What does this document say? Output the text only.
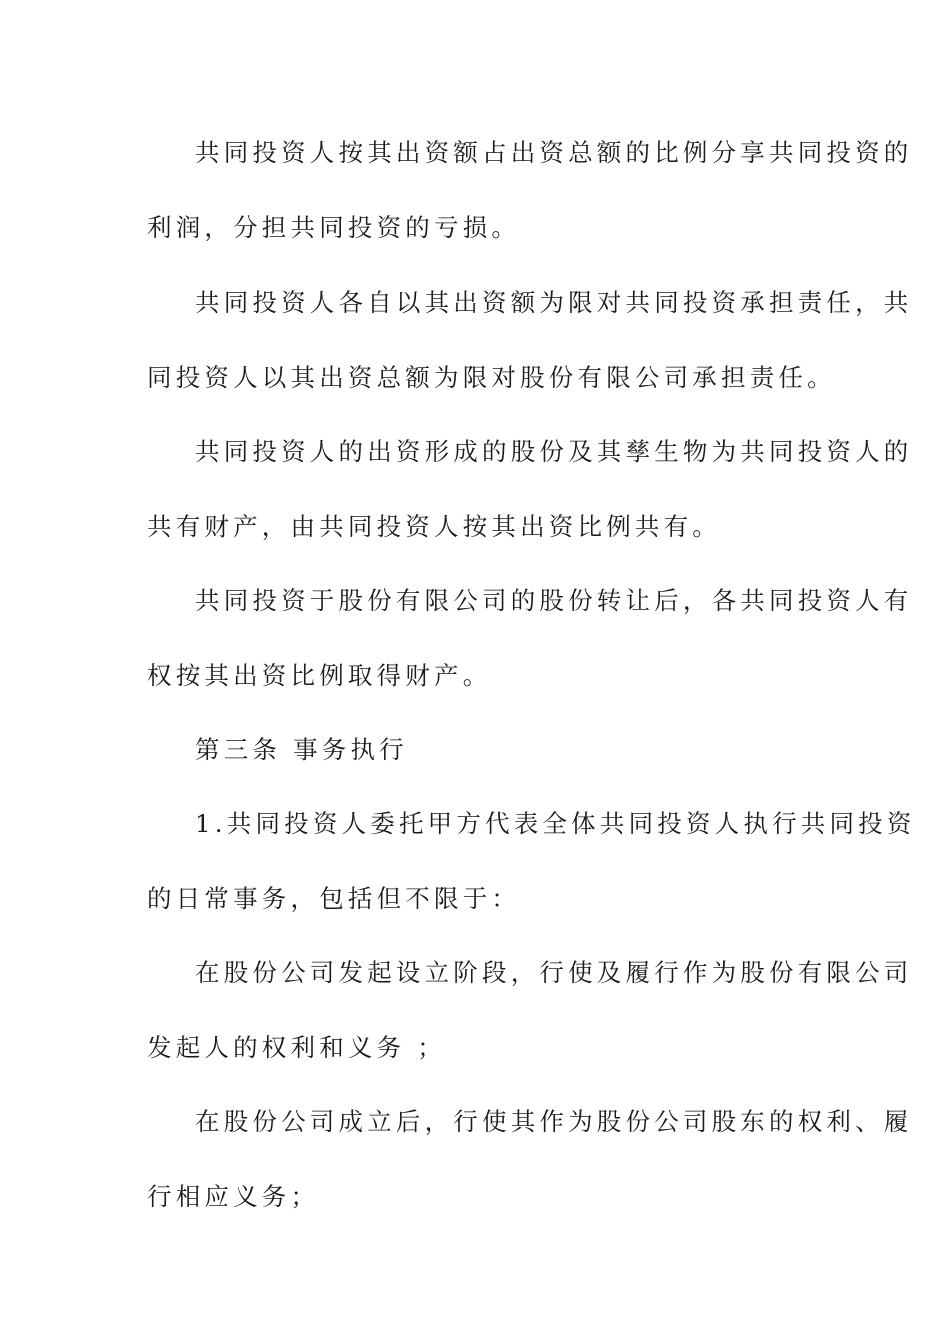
共同投资人按其出资额占出资总额的比例分享共同投资的
利润，分担共同投资的亏损。
共同投资人各自以其出资额为限对共同投资承担责任，共
同投资人以其出资总额为限对股份有限公司承担责任。
共同投资人的出资形成的股份及其孳生物为共同投资人的
共有财产，由共同投资人按其出资比例共有。
共同投资于股份有限公司的股份转让后，各共同投资人有
权按其出资比例取得财产。
第三条 事务执行
1.共同投资人委托甲方代表全体共同投资人执行共同投资
的日常事务，包括但不限于：
在股份公司发起设立阶段，行使及履行作为股份有限公司
发起人的权利和义务 ；
在股份公司成立后，行使其作为股份公司股东的权利、履
行相应义务；
